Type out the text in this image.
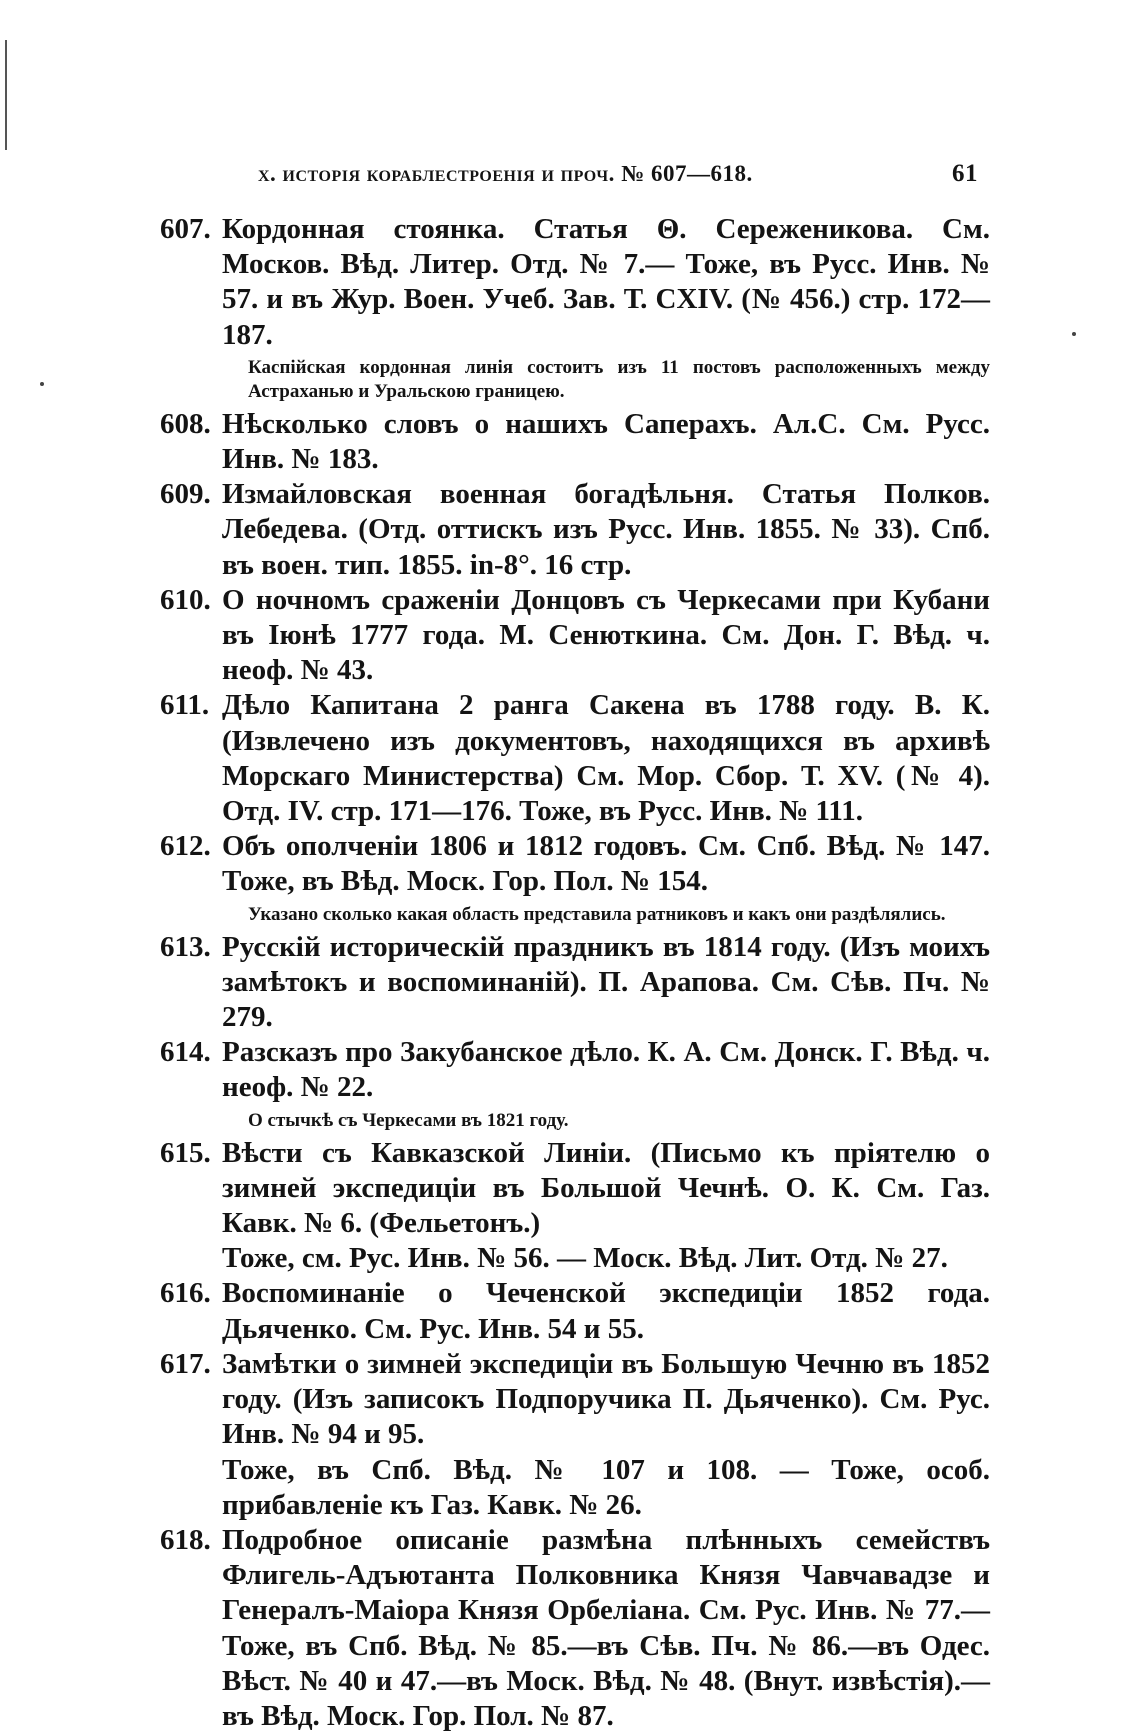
х. исторія кораблестроенія и проч. № 607—618.	61
607. Кордонная стоянка. Статья Θ. Сереженикова. См. Москов. Вѣд. Литер. Отд. № 7.— Тоже, въ Русс. Инв. № 57. и въ Жур. Воен. Учеб. Зав. Т. CXIV. (№ 456.) стр. 172—187.
Каспійская кордонная линія состоитъ изъ 11 постовъ расположенныхъ между Астраханью и Уральскою границею.
608. Нѣсколько словъ о нашихъ Саперахъ. Ал.С. См. Русс. Инв. № 183.
609. Измайловская военная богадѣльня. Статья Полков. Лебедева. (Отд. оттискъ изъ Русс. Инв. 1855. № 33). Спб. въ воен. тип. 1855. in-8°. 16 стр.
610. О ночномъ сраженіи Донцовъ съ Черкесами при Кубани въ Іюнѣ 1777 года. М. Сенюткина. См. Дон. Г. Вѣд. ч. неоф. № 43.
611. Дѣло Капитана 2 ранга Сакена въ 1788 году. В. К. (Извлечено изъ документовъ, находящихся въ архивѣ Морскаго Министерства) См. Мор. Сбор. Т. XV. (№ 4). Отд. IV. стр. 171—176. Тоже, въ Русс. Инв. № 111.
612. Объ ополченіи 1806 и 1812 годовъ. См. Спб. Вѣд. № 147. Тоже, въ Вѣд. Моск. Гор. Пол. № 154.
Указано сколько какая область представила ратниковъ и какъ они раздѣлялись.
613. Русскій историческій праздникъ въ 1814 году. (Изъ моихъ замѣтокъ и воспоминаній). П. Арапова. См. Сѣв. Пч. № 279.
614. Разсказъ про Закубанское дѣло. К. А. См. Донск. Г. Вѣд. ч. неоф. № 22.
О стычкѣ съ Черкесами въ 1821 году.
615. Вѣсти съ Кавказской Линіи. (Письмо къ пріятелю о зимней экспедиціи въ Большой Чечнѣ. О. К. См. Газ. Кавк. № 6. (Фельетонъ.)
Тоже, см. Рус. Инв. № 56. — Моск. Вѣд. Лит. Отд. № 27.
616. Воспоминаніе о Чеченской экспедиціи 1852 года. Дьяченко. См. Рус. Инв. 54 и 55.
617. Замѣтки о зимней экспедиціи въ Большую Чечню въ 1852 году. (Изъ записокъ Подпоручика П. Дьяченко). См. Рус. Инв. № 94 и 95.
Тоже, въ Спб. Вѣд. № 107 и 108. — Тоже, особ. прибавленіе къ Газ. Кавк. № 26.
618. Подробное описаніе размѣна плѣнныхъ семействъ Флигель-Адъютанта Полковника Князя Чавчавадзе и Генералъ-Маіора Князя Орбеліана. См. Рус. Инв. № 77.—Тоже, въ Спб. Вѣд. № 85.—въ Сѣв. Пч. № 86.—въ Одес. Вѣст. № 40 и 47.—въ Моск. Вѣд. № 48. (Внут. извѣстія).—въ Вѣд. Моск. Гор. Пол. № 87.
